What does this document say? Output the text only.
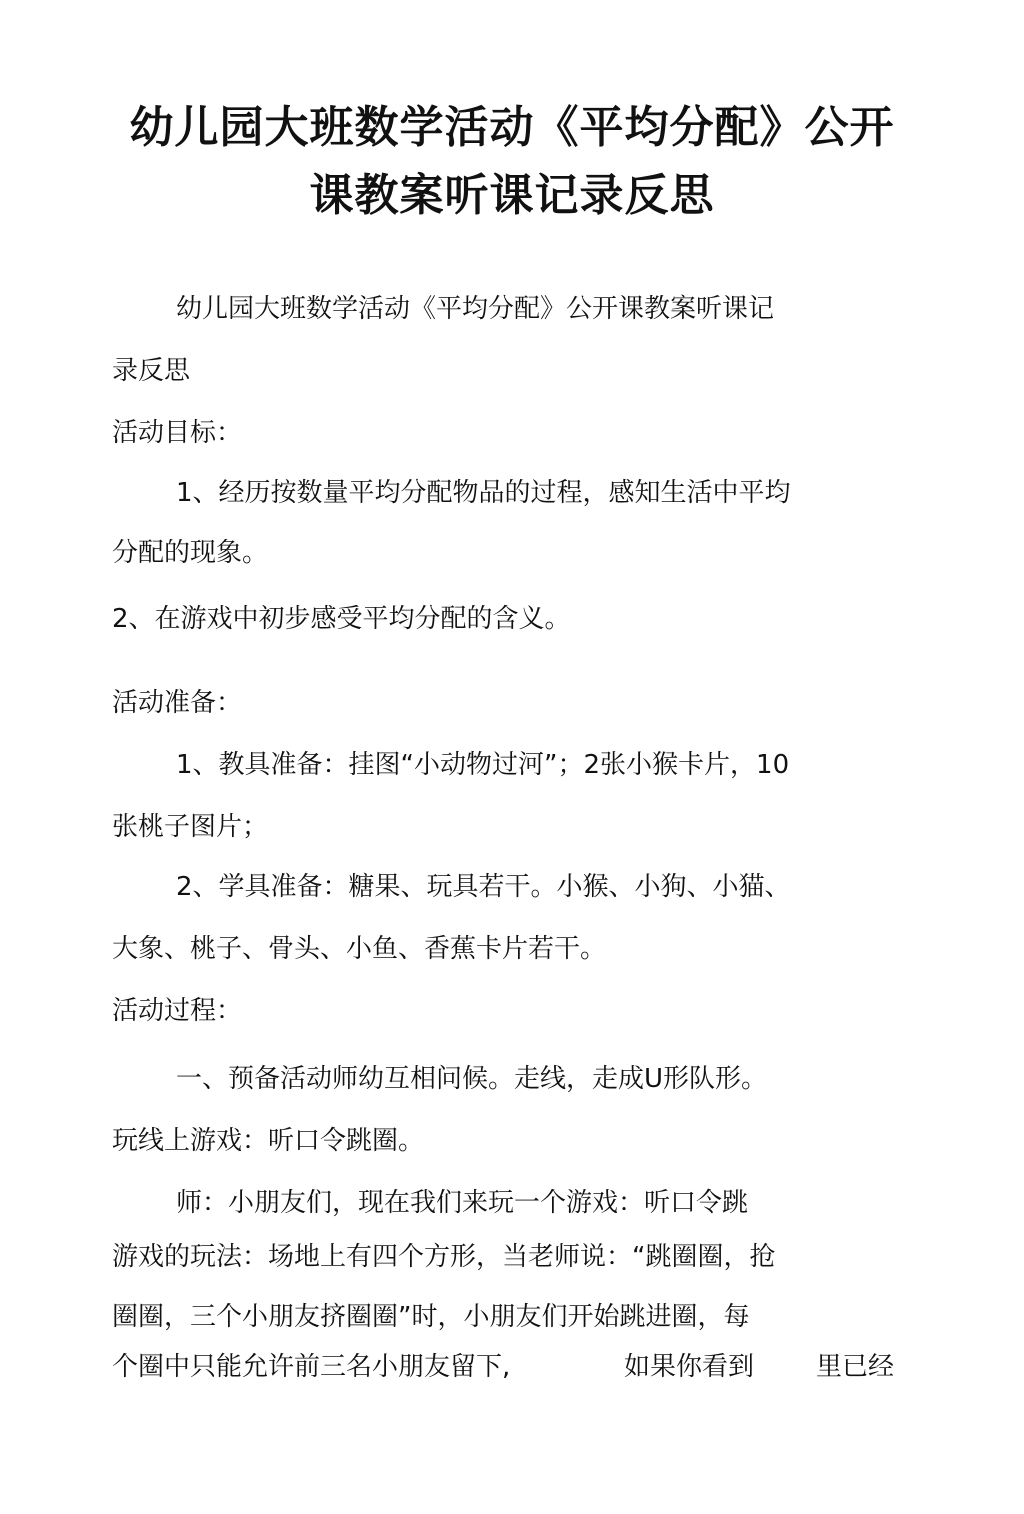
幼儿园大班数学活动《平均分配》公开
课教案听课记录反思

幼儿园大班数学活动《平均分配》公开课教案听课记

录反思

活动目标：

1、经历按数量平均分配物品的过程，感知生活中平均

分配的现象。

2、在游戏中初步感受平均分配的含义。

活动准备：

1、教具准备：挂图“小动物过河”；2张小猴卡片，10

张桃子图片；

2、学具准备：糖果、玩具若干。小猴、小狗、小猫、

大象、桃子、骨头、小鱼、香蕉卡片若干。

活动过程：

一、预备活动师幼互相问候。走线，走成U形队形。

玩线上游戏：听口令跳圈。

师：小朋友们，现在我们来玩一个游戏：听口令跳

游戏的玩法：场地上有四个方形，当老师说：“跳圈圈，抢

圈圈，三个小朋友挤圈圈”时，小朋友们开始跳进圈，每

个圈中只能允许前三名小朋友留下,	如果你看到 里已经
